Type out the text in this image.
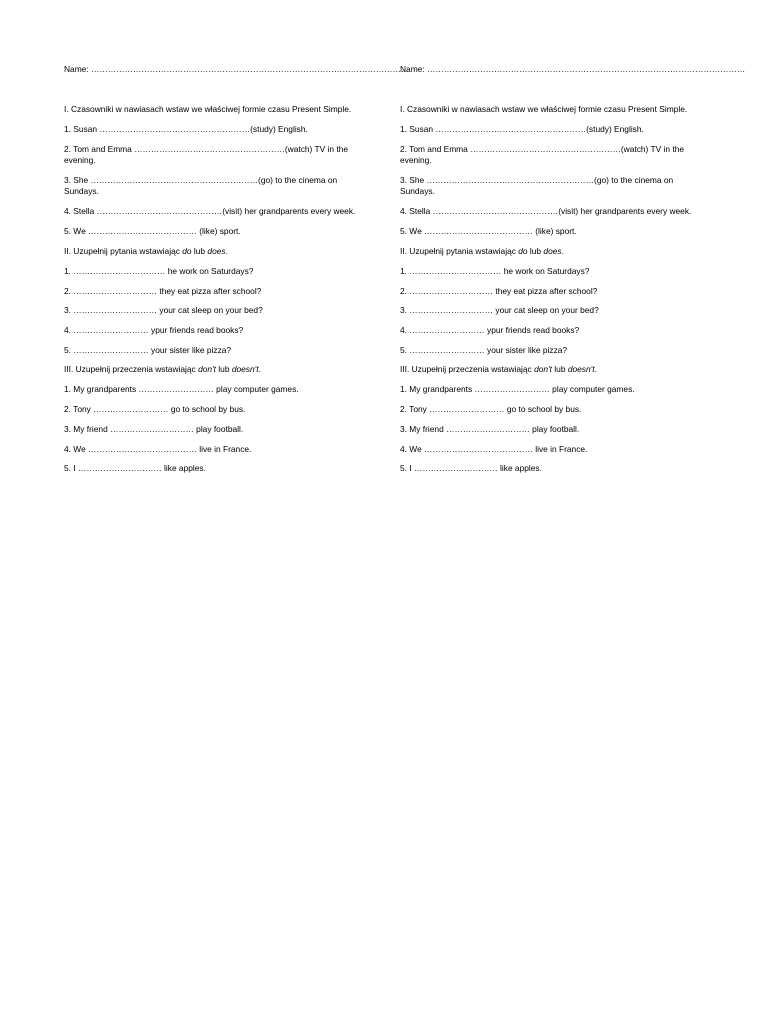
Name: ……………………………………………………………………………………………………
I. Czasowniki w nawiasach wstaw we właściwej formie czasu Present Simple.
1. Susan ………………………………………………(study) English.
2. Tom and Emma ………………………………………………(watch) TV in the evening.
3. She ……………………………………………………(go) to the cinema on Sundays.
4. Stella ………………………………………(visit) her grandparents every week.
5. We ………………………………… (like) sport.
II. Uzupełnij pytania wstawiając do lub does.
1. …………………………… he work on Saturdays?
2. ………………………… they eat pizza after school?
3. ………………………… your cat sleep on your bed?
4. ……………………… ypur friends read books?
5. ……………………… your sister like pizza?
III. Uzupełnij przeczenia wstawiając don't lub doesn't.
1. My grandparents ……………………… play computer games.
2. Tony ……………………… go to school by bus.
3. My friend ………………………… play football.
4. We ………………………………… live in France.
5. I ………………………… like apples.
Name: ……………………………………………………………………………………………………
I. Czasowniki w nawiasach wstaw we właściwej formie czasu Present Simple.
1. Susan ………………………………………………(study) English.
2. Tom and Emma ………………………………………………(watch) TV in the evening.
3. She ……………………………………………………(go) to the cinema on Sundays.
4. Stella ………………………………………(visit) her grandparents every week.
5. We ………………………………… (like) sport.
II. Uzupełnij pytania wstawiając do lub does.
1. …………………………… he work on Saturdays?
2. ………………………… they eat pizza after school?
3. ………………………… your cat sleep on your bed?
4. ……………………… ypur friends read books?
5. ……………………… your sister like pizza?
III. Uzupełnij przeczenia wstawiając don't lub doesn't.
1. My grandparents ……………………… play computer games.
2. Tony ……………………… go to school by bus.
3. My friend ………………………… play football.
4. We ………………………………… live in France.
5. I ………………………… like apples.
